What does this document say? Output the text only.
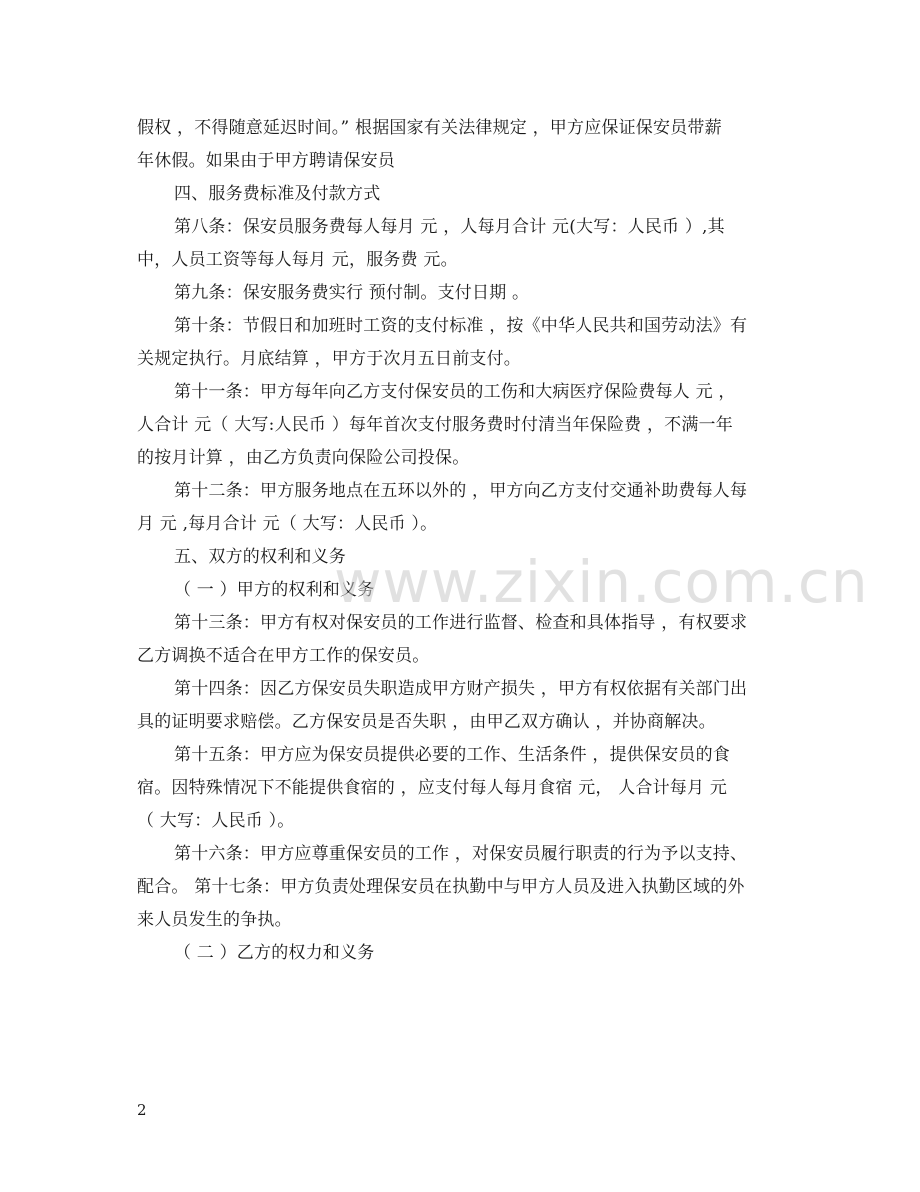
假权 ，不得随意延迟时间。” 根据国家有关法律规定 ，甲方应保证保安员带薪
年休假。如果由于甲方聘请保安员
四、服务费标准及付款方式
第八条：保安员服务费每人每月 元 ，人每月合计 元(大写：人民币 ）,其
中，人员工资等每人每月 元，服务费 元。
第九条：保安服务费实行 预付制。支付日期 。
第十条：节假日和加班时工资的支付标准 ，按《中华人民共和国劳动法》有
关规定执行。月底结算 ，甲方于次月五日前支付。
第十一条：甲方每年向乙方支付保安员的工伤和大病医疗保险费每人 元 ，
人合计 元（ 大写:人民币 ）每年首次支付服务费时付清当年保险费 ，不满一年
的按月计算 ，由乙方负责向保险公司投保。
第十二条：甲方服务地点在五环以外的 ，甲方向乙方支付交通补助费每人每
月 元 ,每月合计 元（ 大写：人民币 ）。
五、双方的权利和义务
（ 一 ）甲方的权利和义务
第十三条：甲方有权对保安员的工作进行监督、检查和具体指导 ，有权要求
乙方调换不适合在甲方工作的保安员。
第十四条：因乙方保安员失职造成甲方财产损失 ，甲方有权依据有关部门出
具的证明要求赔偿。乙方保安员是否失职 ，由甲乙双方确认 ，并协商解决。
第十五条：甲方应为保安员提供必要的工作、生活条件 ，提供保安员的食
宿。因特殊情况下不能提供食宿的 ，应支付每人每月食宿 元， 人合计每月 元
（ 大写：人民币 ）。
第十六条：甲方应尊重保安员的工作 ，对保安员履行职责的行为予以支持、
配合。 第十七条：甲方负责处理保安员在执勤中与甲方人员及进入执勤区域的外
来人员发生的争执。
（ 二 ）乙方的权力和义务
www.zixin.com.cn
2
